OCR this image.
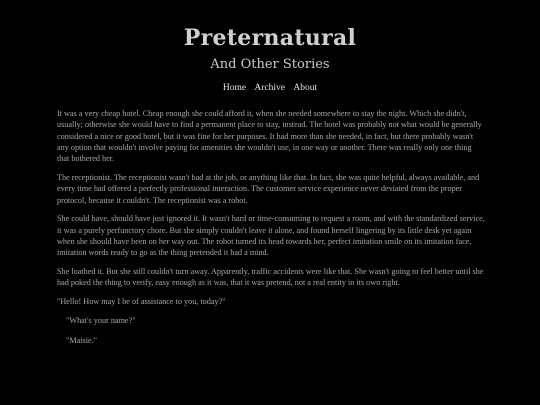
Preternatural
And Other Stories
Home Archive About

It was a very cheap hotel. Cheap enough she could afford it, when she needed somewhere to stay the night. Which she didn't, usually; otherwise she would have to find a permanent place to stay, instead. The hotel was probably not what would be generally considered a nice or good hotel, but it was fine for her purposes. It had more than she needed, in fact, but there probably wasn't any option that wouldn't involve paying for amenities she wouldn't use, in one way or another. There was really only one thing that bothered her.

The receptionist. The receptionist wasn't bad at the job, or anything like that. In fact, she was quite helpful, always available, and every time had offered a perfectly professional interaction. The customer service experience never deviated from the proper protocol, because it couldn't. The receptionist was a robot.

She could have, should have just ignored it. It wasn't hard or time-consuming to request a room, and with the standardized service, it was a purely perfunctory chore. But she simply couldn't leave it alone, and found herself lingering by its little desk yet again when she should have been on her way out. The robot turned its head towards her, perfect imitation smile on its imitation face, imitation words ready to go as the thing pretended it had a mind.

She loathed it. But she still couldn't turn away. Apparently, traffic accidents were like that. She wasn't going to feel better until she had poked the thing to verify, easy enough as it was, that it was pretend, not a real entity in its own right.

"Hello! How may I be of assistance to you, today?"

"What's your name?"

"Maisie."
